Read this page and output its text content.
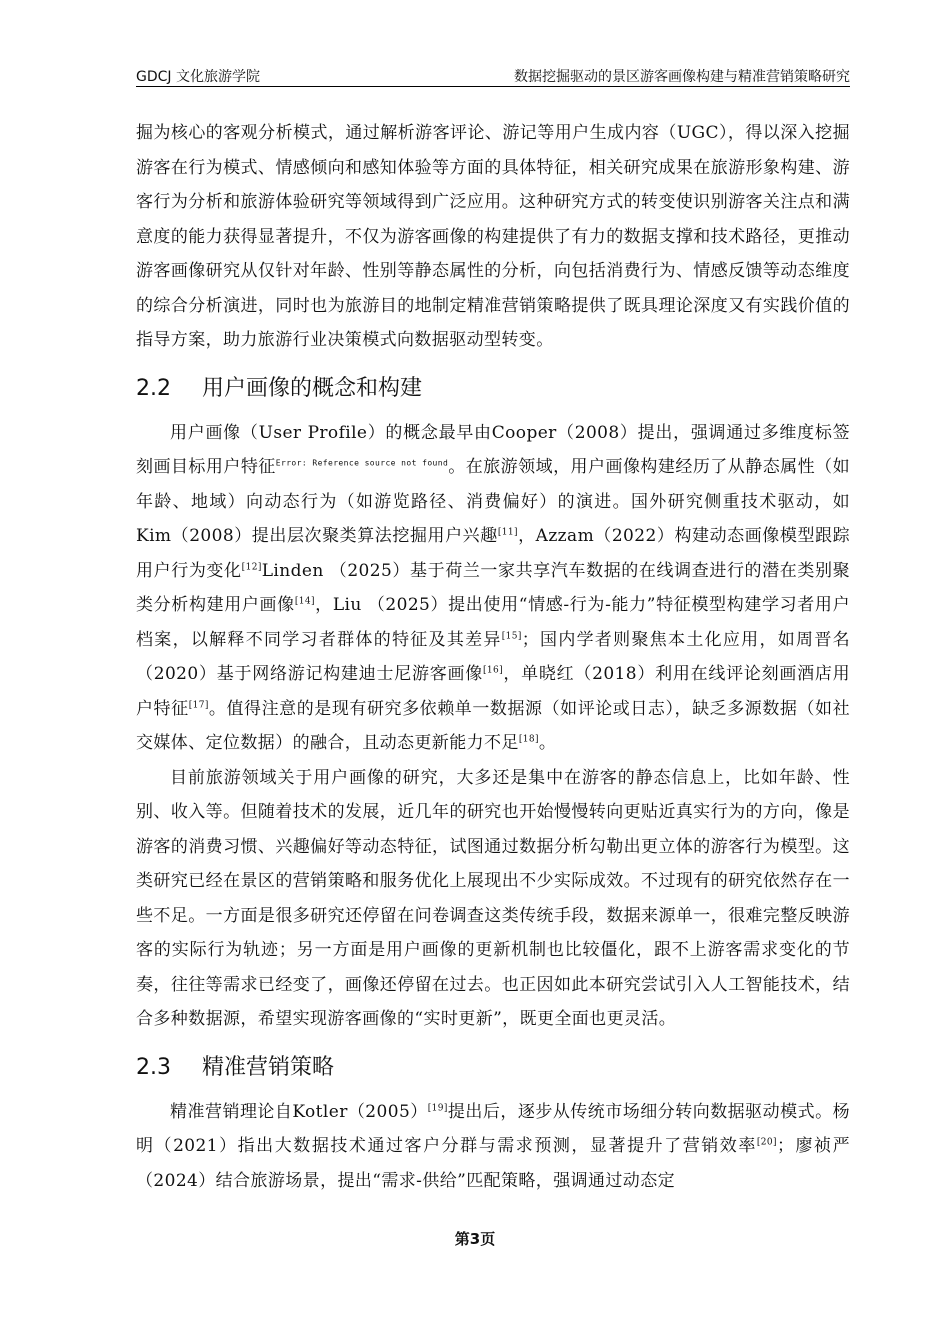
GDCJ 文化旅游学院	数据挖掘驱动的景区游客画像构建与精准营销策略研究

掘为核心的客观分析模式，通过解析游客评论、游记等用户生成内容（UGC），得以深入挖掘游客在行为模式、情感倾向和感知体验等方面的具体特征，相关研究成果在旅游形象构建、游客行为分析和旅游体验研究等领域得到广泛应用。这种研究方式的转变使识别游客关注点和满意度的能力获得显著提升，不仅为游客画像的构建提供了有力的数据支撑和技术路径，更推动游客画像研究从仅针对年龄、性别等静态属性的分析，向包括消费行为、情感反馈等动态维度的综合分析演进，同时也为旅游目的地制定精准营销策略提供了既具理论深度又有实践价值的指导方案，助力旅游行业决策模式向数据驱动型转变。

2.2 用户画像的概念和构建

用户画像（User Profile）的概念最早由Cooper（2008）提出，强调通过多维度标签刻画目标用户特征$^{Error: Reference source not found}$。在旅游领域，用户画像构建经历了从静态属性（如年龄、地域）向动态行为（如游览路径、消费偏好）的演进。国外研究侧重技术驱动，如Kim（2008）提出层次聚类算法挖掘用户兴趣[11]，Azzam（2022）构建动态画像模型跟踪用户行为变化[12]Linden （2025）基于荷兰一家共享汽车数据的在线调查进行的潜在类别聚类分析构建用户画像[14]，Liu （2025）提出使用“情感-行为-能力”特征模型构建学习者用户档案，以解释不同学习者群体的特征及其差异[15]；国内学者则聚焦本土化应用，如周晋名（2020）基于网络游记构建迪士尼游客画像[16]，单晓红（2018）利用在线评论刻画酒店用户特征[17]。值得注意的是现有研究多依赖单一数据源（如评论或日志），缺乏多源数据（如社交媒体、定位数据）的融合，且动态更新能力不足[18]。

目前旅游领域关于用户画像的研究，大多还是集中在游客的静态信息上，比如年龄、性别、收入等。但随着技术的发展，近几年的研究也开始慢慢转向更贴近真实行为的方向，像是游客的消费习惯、兴趣偏好等动态特征，试图通过数据分析勾勒出更立体的游客行为模型。这类研究已经在景区的营销策略和服务优化上展现出不少实际成效。不过现有的研究依然存在一些不足。一方面是很多研究还停留在问卷调查这类传统手段，数据来源单一，很难完整反映游客的实际行为轨迹；另一方面是用户画像的更新机制也比较僵化，跟不上游客需求变化的节奏，往往等需求已经变了，画像还停留在过去。也正因如此本研究尝试引入人工智能技术，结合多种数据源，希望实现游客画像的“实时更新”，既更全面也更灵活。

2.3 精准营销策略

精准营销理论自Kotler（2005）[19]提出后，逐步从传统市场细分转向数据驱动模式。杨明（2021）指出大数据技术通过客户分群与需求预测，显著提升了营销效率[20]；廖祯严（2024）结合旅游场景，提出“需求-供给”匹配策略，强调通过动态定

第3页
